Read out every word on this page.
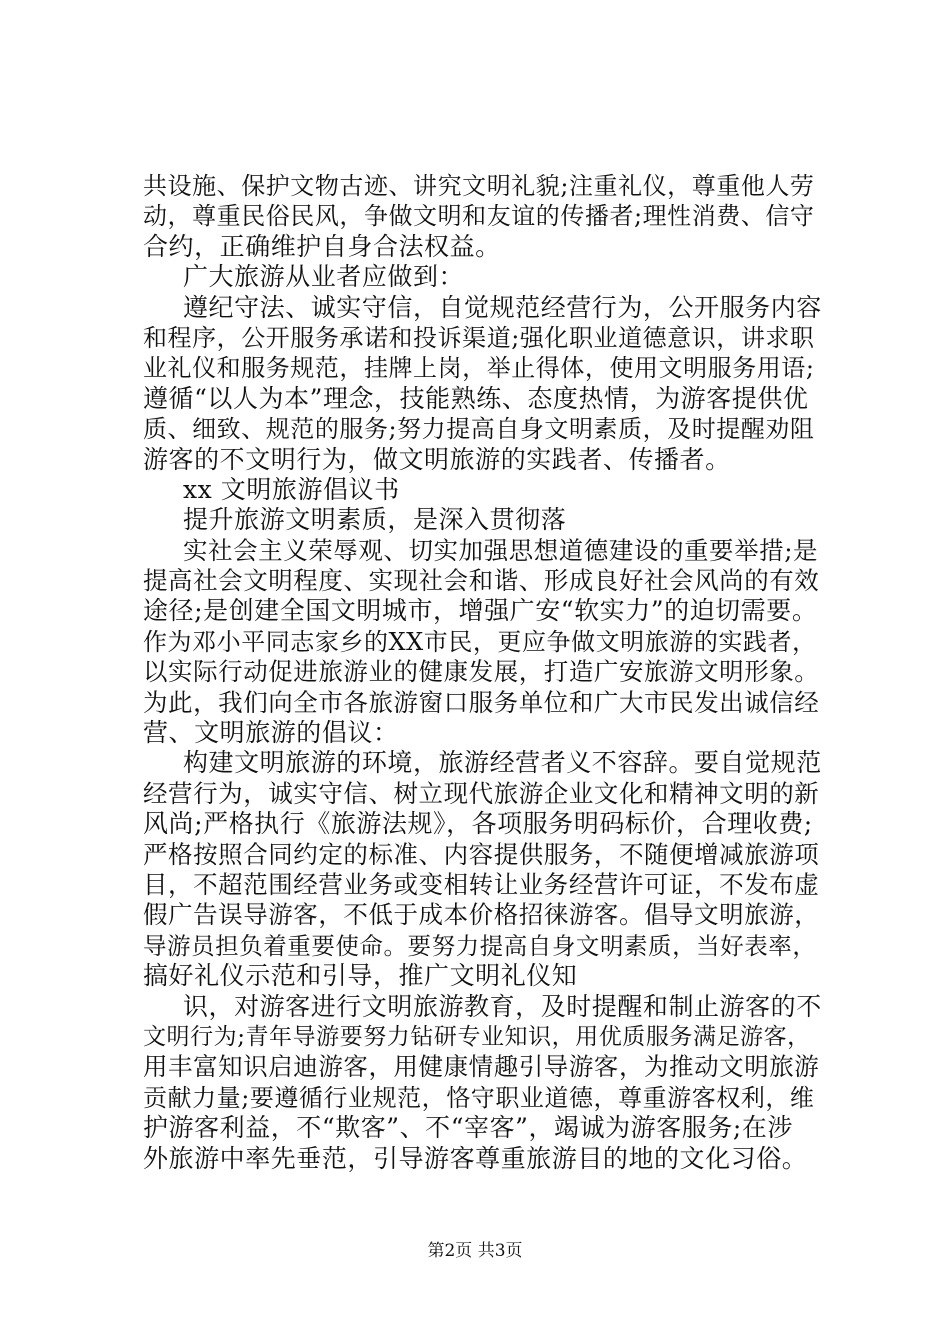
共设施、保护文物古迹、讲究文明礼貌;注重礼仪，尊重他人劳
动，尊重民俗民风，争做文明和友谊的传播者;理性消费、信守
合约，正确维护自身合法权益。
广大旅游从业者应做到：
遵纪守法、诚实守信，自觉规范经营行为，公开服务内容
和程序，公开服务承诺和投诉渠道;强化职业道德意识，讲求职
业礼仪和服务规范，挂牌上岗，举止得体，使用文明服务用语;
遵循“以人为本”理念，技能熟练、态度热情，为游客提供优
质、细致、规范的服务;努力提高自身文明素质，及时提醒劝阻
游客的不文明行为，做文明旅游的实践者、传播者。
xx 文明旅游倡议书
提升旅游文明素质，是深入贯彻落
实社会主义荣辱观、切实加强思想道德建设的重要举措;是
提高社会文明程度、实现社会和谐、形成良好社会风尚的有效
途径;是创建全国文明城市，增强广安“软实力”的迫切需要。
作为邓小平同志家乡的XX市民，更应争做文明旅游的实践者，
以实际行动促进旅游业的健康发展，打造广安旅游文明形象。
为此，我们向全市各旅游窗口服务单位和广大市民发出诚信经
营、文明旅游的倡议：
构建文明旅游的环境，旅游经营者义不容辞。要自觉规范
经营行为，诚实守信、树立现代旅游企业文化和精神文明的新
风尚;严格执行《旅游法规》，各项服务明码标价，合理收费;
严格按照合同约定的标准、内容提供服务，不随便增减旅游项
目，不超范围经营业务或变相转让业务经营许可证，不发布虚
假广告误导游客，不低于成本价格招徕游客。倡导文明旅游，
导游员担负着重要使命。要努力提高自身文明素质，当好表率，
搞好礼仪示范和引导，推广文明礼仪知
识，对游客进行文明旅游教育，及时提醒和制止游客的不
文明行为;青年导游要努力钻研专业知识，用优质服务满足游客，
用丰富知识启迪游客，用健康情趣引导游客，为推动文明旅游
贡献力量;要遵循行业规范，恪守职业道德，尊重游客权利，维
护游客利益，不“欺客”、不“宰客”，竭诚为游客服务;在涉
外旅游中率先垂范，引导游客尊重旅游目的地的文化习俗。
第2页 共3页
